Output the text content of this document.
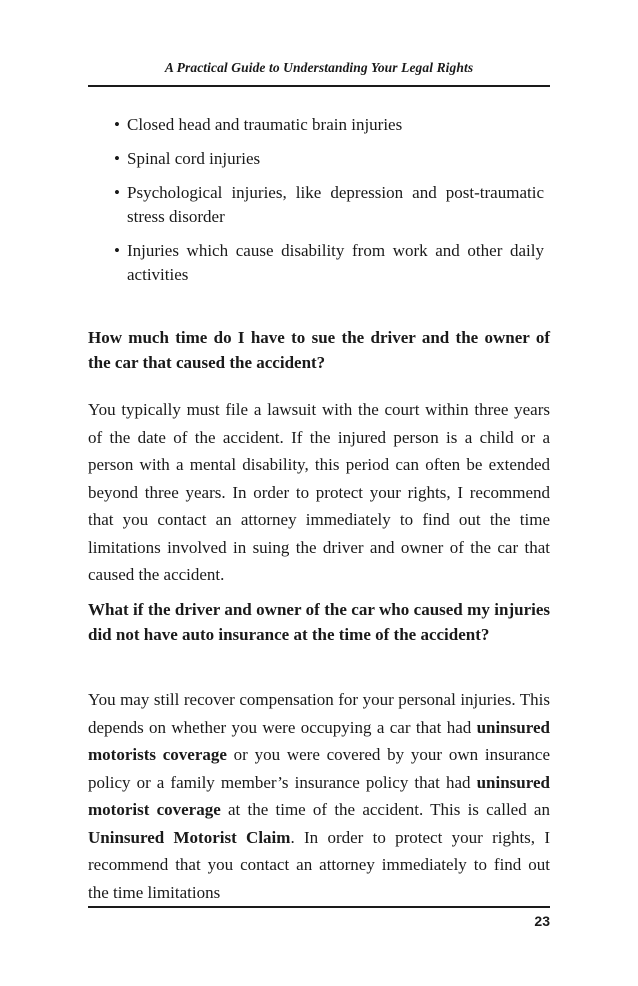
A Practical Guide to Understanding Your Legal Rights
• Closed head and traumatic brain injuries
• Spinal cord injuries
• Psychological injuries, like depression and post-traumatic stress disorder
• Injuries which cause disability from work and other daily activities

How much time do I have to sue the driver and the owner of the car that caused the accident?

You typically must file a lawsuit with the court within three years of the date of the accident. If the injured person is a child or a person with a mental disability, this period can often be extended beyond three years. In order to protect your rights, I recommend that you contact an attorney immediately to find out the time limitations involved in suing the driver and owner of the car that caused the accident.

What if the driver and owner of the car who caused my injuries did not have auto insurance at the time of the accident?

You may still recover compensation for your personal injuries. This depends on whether you were occupying a car that had uninsured motorists coverage or you were covered by your own insurance policy or a family member’s insurance policy that had uninsured motorist coverage at the time of the accident. This is called an Uninsured Motorist Claim. In order to protect your rights, I recommend that you contact an attorney immediately to find out the time limitations

23
